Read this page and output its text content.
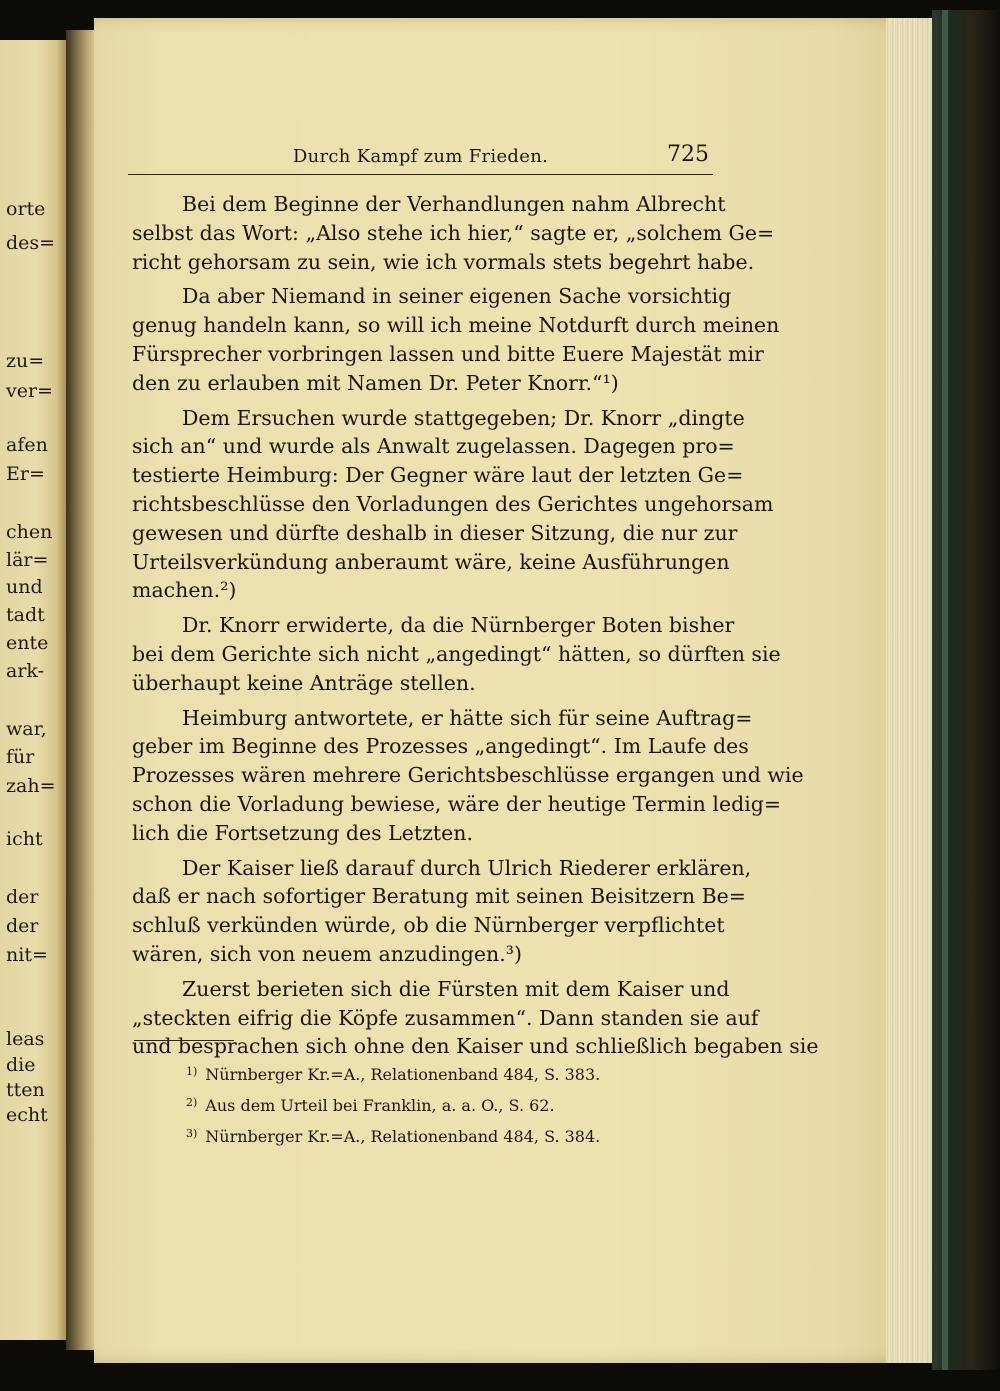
orte
des=
zu=
ver=
afen
Er=
chen
lär=
und
tadt
ente
ark-
war,
für
zah=
icht
der
der
nit=
leas
die
tten
echt
Durch Kampf zum Frieden.	725
Bei dem Beginne der Verhandlungen nahm Albrecht
selbst das Wort: „Also stehe ich hier,“ sagte er, „solchem Ge=
richt gehorsam zu sein, wie ich vormals stets begehrt habe.
Da aber Niemand in seiner eigenen Sache vorsichtig
genug handeln kann, so will ich meine Notdurft durch meinen
Fürsprecher vorbringen lassen und bitte Euere Majestät mir
den zu erlauben mit Namen Dr. Peter Knorr.“¹)
Dem Ersuchen wurde stattgegeben; Dr. Knorr „dingte
sich an“ und wurde als Anwalt zugelassen. Dagegen pro=
testierte Heimburg: Der Gegner wäre laut der letzten Ge=
richtsbeschlüsse den Vorladungen des Gerichtes ungehorsam
gewesen und dürfte deshalb in dieser Sitzung, die nur zur
Urteilsverkündung anberaumt wäre, keine Ausführungen
machen.²)
Dr. Knorr erwiderte, da die Nürnberger Boten bisher
bei dem Gerichte sich nicht „angedingt“ hätten, so dürften sie
überhaupt keine Anträge stellen.
Heimburg antwortete, er hätte sich für seine Auftrag=
geber im Beginne des Prozesses „angedingt“. Im Laufe des
Prozesses wären mehrere Gerichtsbeschlüsse ergangen und wie
schon die Vorladung bewiese, wäre der heutige Termin ledig=
lich die Fortsetzung des Letzten.
Der Kaiser ließ darauf durch Ulrich Riederer erklären,
daß er nach sofortiger Beratung mit seinen Beisitzern Be=
schluß verkünden würde, ob die Nürnberger verpflichtet
wären, sich von neuem anzudingen.³)
Zuerst berieten sich die Fürsten mit dem Kaiser und
„steckten eifrig die Köpfe zusammen“. Dann standen sie auf
und besprachen sich ohne den Kaiser und schließlich begaben sie
$^{1)}$ Nürnberger Kr.=A., Relationenband 484, S. 383.
$^{2)}$ Aus dem Urteil bei Franklin, a. a. O., S. 62.
$^{3)}$ Nürnberger Kr.=A., Relationenband 484, S. 384.
